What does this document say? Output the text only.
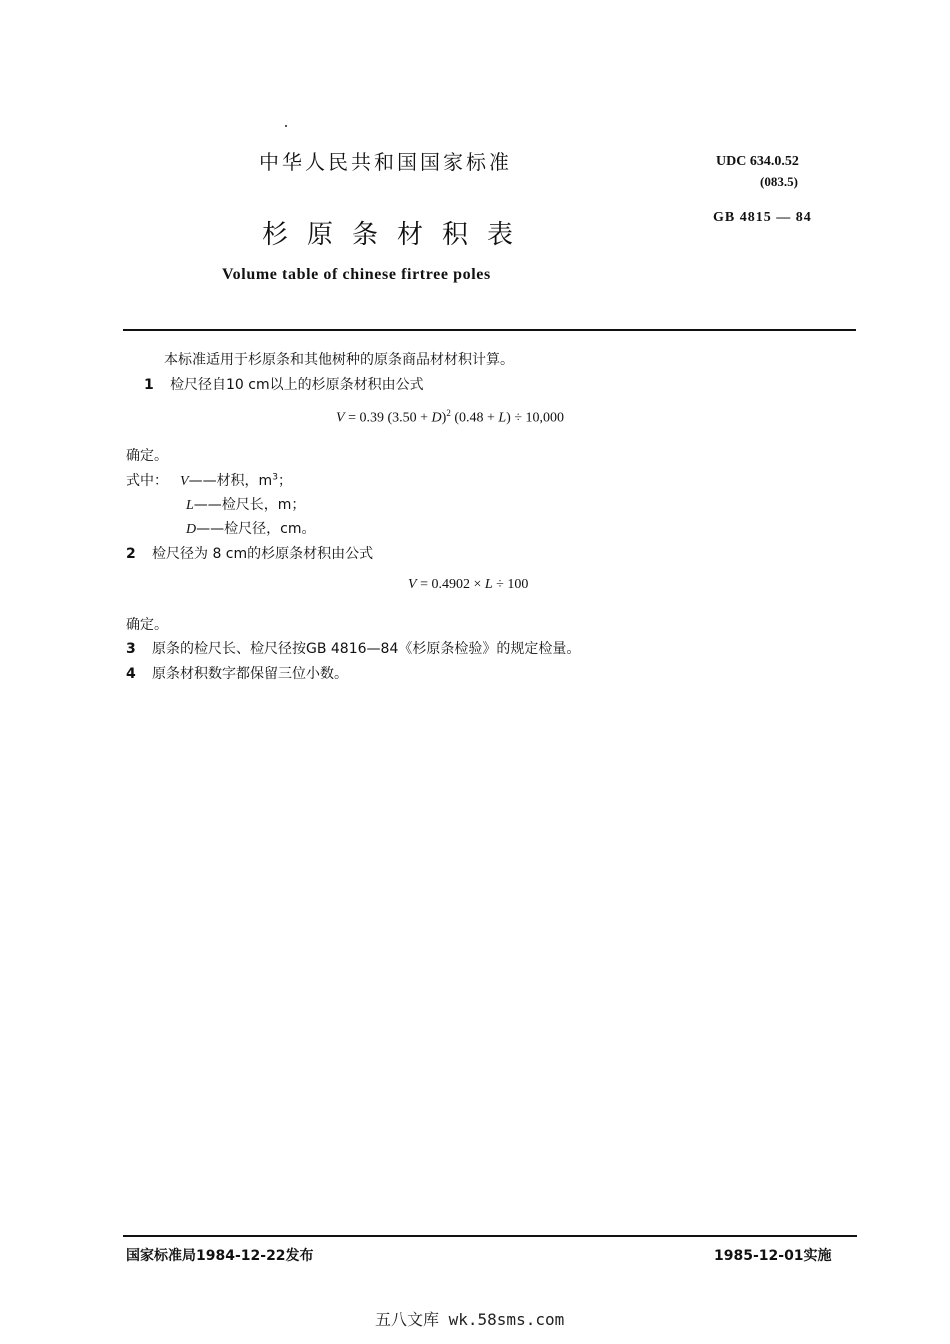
中华人民共和国国家标准	UDC 634.0.52
(083.5)
GB 4815 — 84
杉原条材积表
Volume table of chinese firtree poles
本标准适用于杉原条和其他树种的原条商品材材积计算。
1 检尺径自10 cm以上的杉原条材积由公式
V = 0.39 $(3.50 + D)^2$ (0.48 + L) ÷ 10,000
确定。
式中： V——材积，$m^3$；
L——检尺长，m；
D——检尺径，cm。
2 检尺径为 8 cm的杉原条材积由公式
V = 0.4902 × L ÷ 100
确定。
3 原条的检尺长、检尺径按GB 4816—84《杉原条检验》的规定检量。
4 原条材积数字都保留三位小数。
国家标准局1984-12-22发布	1985-12-01实施
五八文库 wk.58sms.com
